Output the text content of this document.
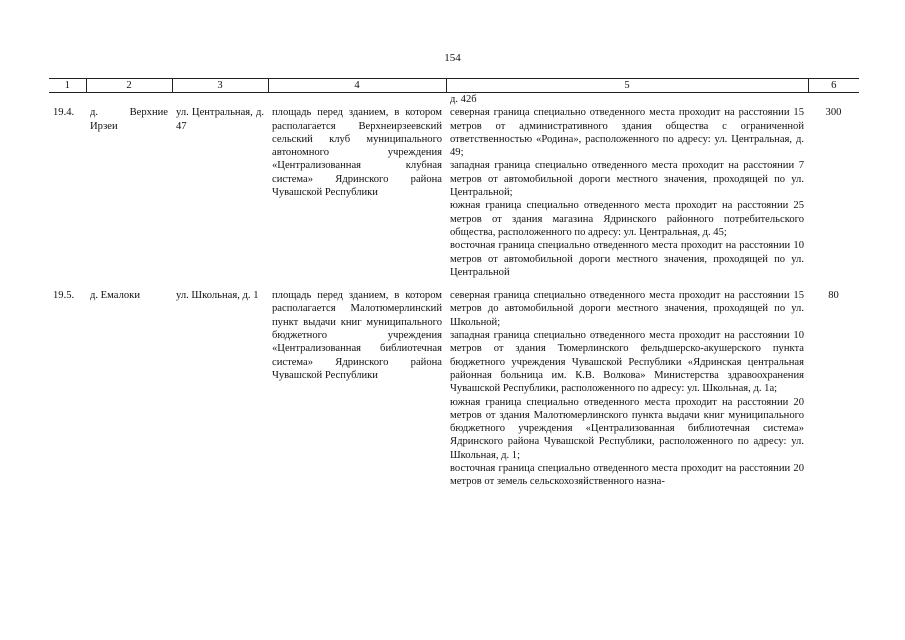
154
1	2	3	4	5	6
				д. 42б	
19.4.	д. Верхние Ирзеи	ул. Центральная, д. 47	площадь перед зданием, в котором располагается Верхнеирзеевский сельский клуб муниципального автономного учреждения «Централизованная клубная система» Ядринского района Чувашской Республики	северная граница специально отведенного места проходит на расстоянии 15 метров от административного здания общества с ограниченной ответственностью «Родина», расположенного по адресу: ул. Центральная, д. 49;
западная граница специально отведенного места проходит на расстоянии 7 метров от автомобильной дороги местного значения, проходящей по ул. Центральной;
южная граница специально отведенного места проходит на расстоянии 25 метров от здания магазина Ядринского районного потребительского общества, расположенного по адресу: ул. Центральная, д. 45;
восточная граница специально отведенного места проходит на расстоянии 10 метров от автомобильной дороги местного значения, проходящей по ул. Центральной	300

19.5.	д. Емалоки	ул. Школьная, д. 1	площадь перед зданием, в котором располагается Малотюмерлинский пункт выдачи книг муниципального бюджетного учреждения «Централизованная библиотечная система» Ядринского района Чувашской Республики	северная граница специально отведенного места проходит на расстоянии 15 метров до автомобильной дороги местного значения, проходящей по ул. Школьной;
западная граница специально отведенного места проходит на расстоянии 10 метров от здания Тюмерлинского фельдшерско-акушерского пункта бюджетного учреждения Чувашской Республики «Ядринская центральная районная больница им. К.В. Волкова» Министерства здравоохранения Чувашской Республики, расположенного по адресу: ул. Школьная, д. 1а;
южная граница специально отведенного места проходит на расстоянии 20 метров от здания Малотюмерлинского пункта выдачи книг муниципального бюджетного учреждения «Централизованная библиотечная система» Ядринского района Чувашской Республики, расположенного по адресу: ул. Школьная, д. 1;
восточная граница специально отведенного места проходит на расстоянии 20 метров от земель сельскохозяйственного назна-	80
